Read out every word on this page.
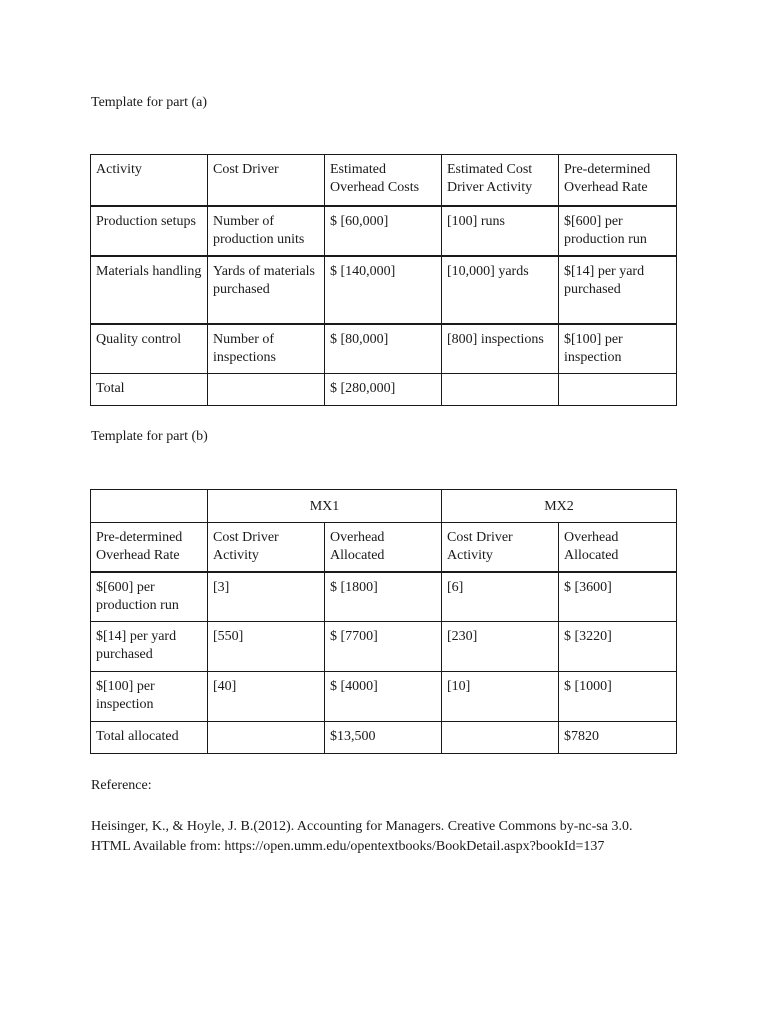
Template for part (a)
Activity	Cost Driver	Estimated Overhead Costs	Estimated Cost Driver Activity	Pre-determined Overhead Rate
Production setups	Number of production units	$ [60,000]	[100] runs	$[600] per production run
Materials handling	Yards of materials purchased	$ [140,000]	[10,000] yards	$[14] per yard purchased
Quality control	Number of inspections	$ [80,000]	[800] inspections	$[100] per inspection
Total		$ [280,000]		
Template for part (b)
	MX1		MX2	
Pre-determined Overhead Rate	Cost Driver Activity	Overhead Allocated	Cost Driver Activity	Overhead Allocated
$[600] per production run	[3]	$ [1800]	[6]	$ [3600]
$[14] per yard purchased	[550]	$ [7700]	[230]	$ [3220]
$[100] per inspection	[40]	$ [4000]	[10]	$ [1000]
Total allocated		$13,500		$7820
Reference:
Heisinger, K., & Hoyle, J. B.(2012). Accounting for Managers. Creative Commons by-nc-sa 3.0.
HTML Available from: https://open.umm.edu/opentextbooks/BookDetail.aspx?bookId=137
